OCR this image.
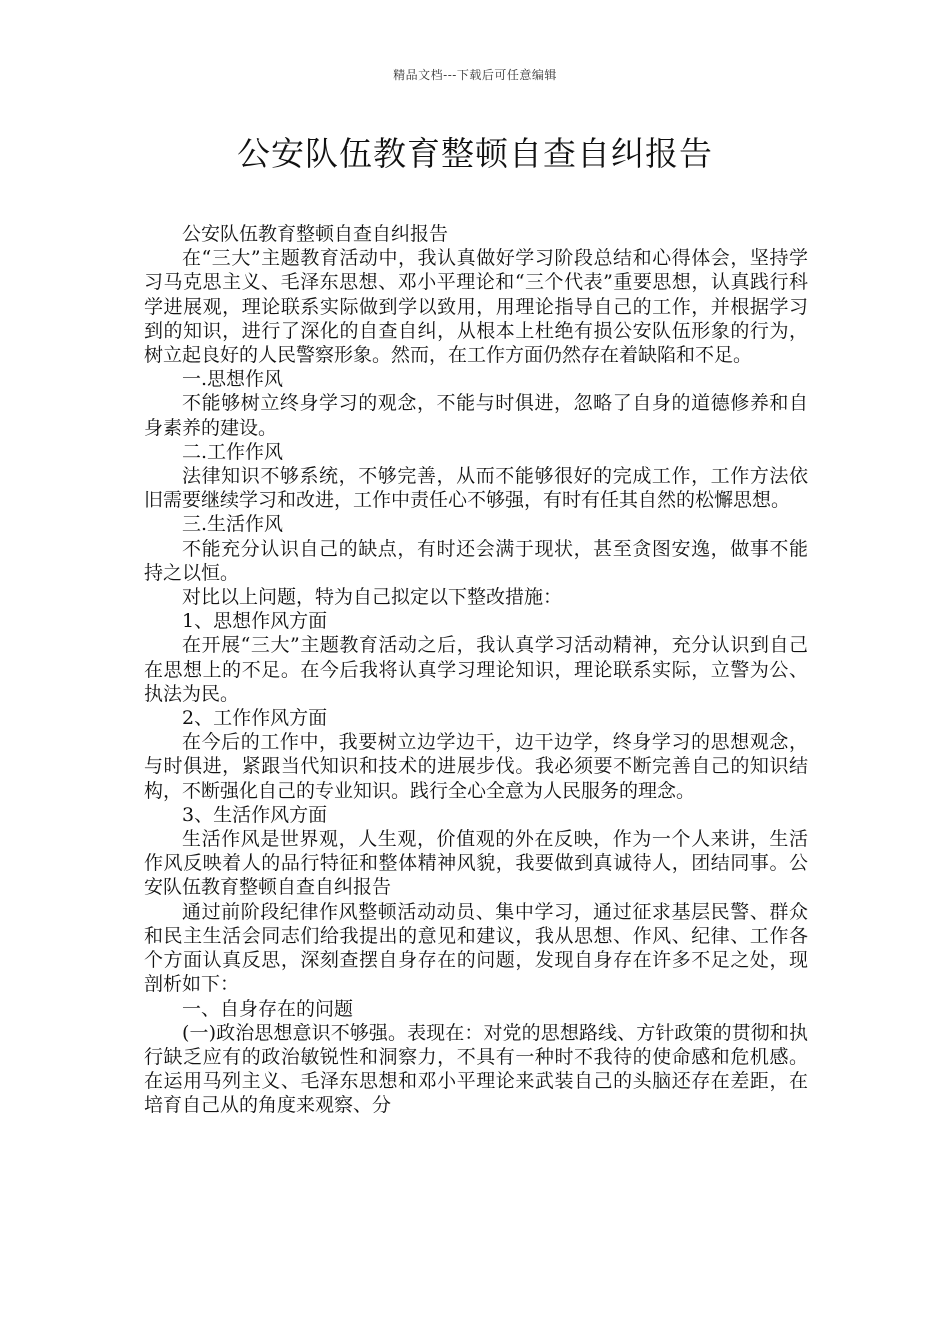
精品文档---下载后可任意编辑
公安队伍教育整顿自查自纠报告

公安队伍教育整顿自查自纠报告

在“三大”主题教育活动中，我认真做好学习阶段总结和心得体会，坚持学习马克思主义、毛泽东思想、邓小平理论和“三个代表”重要思想，认真践行科学进展观，理论联系实际做到学以致用，用理论指导自己的工作，并根据学习到的知识，进行了深化的自查自纠，从根本上杜绝有损公安队伍形象的行为，树立起良好的人民警察形象。然而，在工作方面仍然存在着缺陷和不足。

一.思想作风

不能够树立终身学习的观念，不能与时俱进，忽略了自身的道德修养和自身素养的建设。

二.工作作风

法律知识不够系统，不够完善，从而不能够很好的完成工作，工作方法依旧需要继续学习和改进，工作中责任心不够强，有时有任其自然的松懈思想。

三.生活作风

不能充分认识自己的缺点，有时还会满于现状，甚至贪图安逸，做事不能持之以恒。

对比以上问题，特为自己拟定以下整改措施：

1、思想作风方面

在开展“三大”主题教育活动之后，我认真学习活动精神，充分认识到自己在思想上的不足。在今后我将认真学习理论知识，理论联系实际，立警为公、执法为民。

2、工作作风方面

在今后的工作中，我要树立边学边干，边干边学，终身学习的思想观念，与时俱进，紧跟当代知识和技术的进展步伐。我必须要不断完善自己的知识结构，不断强化自己的专业知识。践行全心全意为人民服务的理念。

3、生活作风方面

生活作风是世界观，人生观，价值观的外在反映，作为一个人来讲，生活作风反映着人的品行特征和整体精神风貌，我要做到真诚待人，团结同事。公安队伍教育整顿自查自纠报告

通过前阶段纪律作风整顿活动动员、集中学习，通过征求基层民警、群众和民主生活会同志们给我提出的意见和建议，我从思想、作风、纪律、工作各个方面认真反思，深刻查摆自身存在的问题，发现自身存在许多不足之处，现剖析如下：

一、自身存在的问题

(一)政治思想意识不够强。表现在：对党的思想路线、方针政策的贯彻和执行缺乏应有的政治敏锐性和洞察力，不具有一种时不我待的使命感和危机感。在运用马列主义、毛泽东思想和邓小平理论来武装自己的头脑还存在差距，在培育自己从的角度来观察、分
